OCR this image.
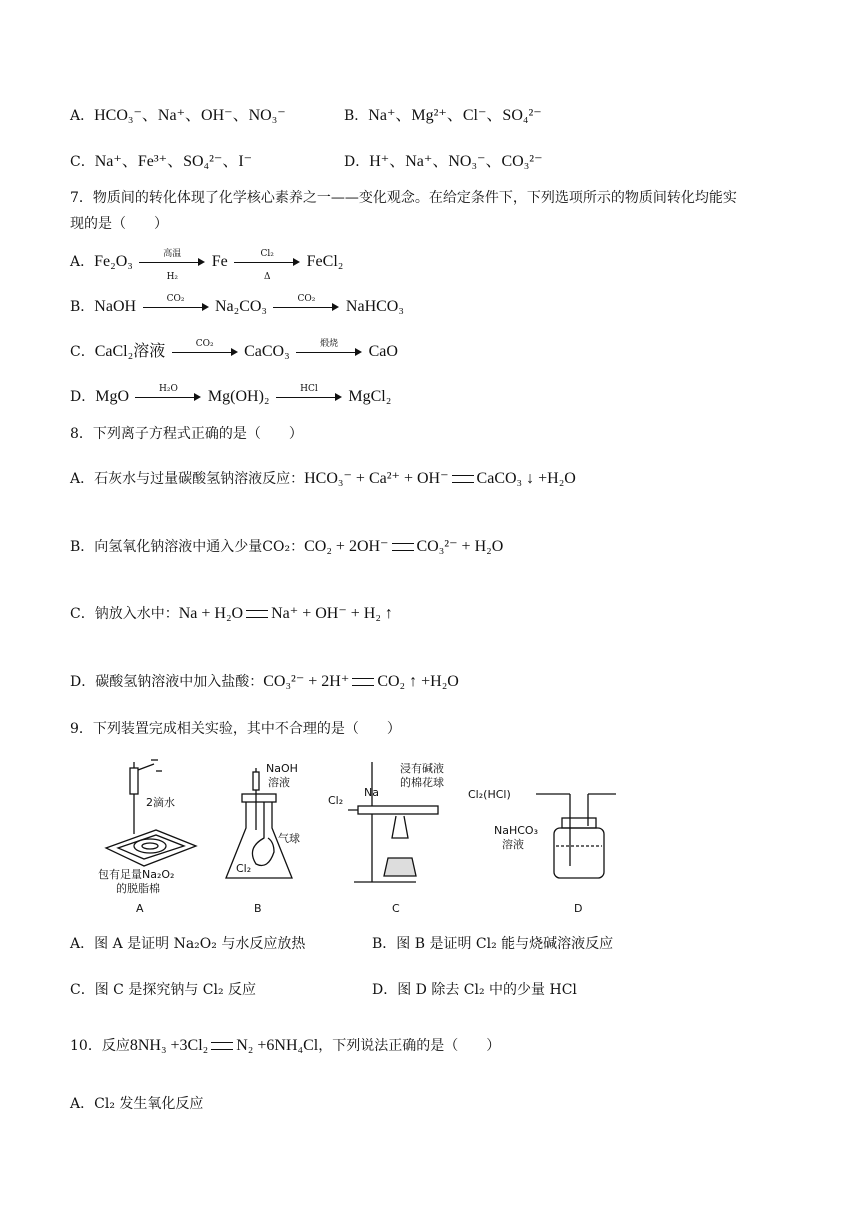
A．HCO₃⁻、Na⁺、OH⁻、NO₃⁻	B．Na⁺、Mg²⁺、Cl⁻、SO₄²⁻
C．Na⁺、Fe³⁺、SO₄²⁻、I⁻	D．H⁺、Na⁺、NO₃⁻、CO₃²⁻
7．物质间的转化体现了化学核心素养之一——变化观念。在给定条件下，下列选项所示的物质间转化均能实
现的是（　　）
A．Fe₂O₃	高温
H₂
Fe $\frac{\text{Cl₂}}{\Delta}$ FeCl₂
B．NaOH	CO₂	Na₂CO₃	CO₂	NaHCO₃
C．CaCl₂溶液	CO₂	CaCO₃	煅烧	CaO
D．MgO	H₂O	Mg(OH)₂	HCl	MgCl₂
8．下列离子方程式正确的是（　　）
A．石灰水与过量碳酸氢钠溶液反应：HCO₃⁻ + Ca²⁺ + OH⁻ CaCO₃ ↓ +H₂O
B．向氢氧化钠溶液中通入少量CO₂：CO₂ + 2OH⁻ CO₃²⁻ + H₂O
C．钠放入水中：Na + H₂O Na⁺ + OH⁻ + H₂ ↑
D．碳酸氢钠溶液中加入盐酸：CO₃²⁻ + 2H⁺ CO₂ ↑ +H₂O
9．下列装置完成相关实验，其中不合理的是（　　）
2滴水
包有足量Na₂O₂
的脱脂棉
A
NaOH
溶液
气球
Cl₂
B
Cl₂
Na
浸有碱液
的棉花球
C
Cl₂(HCl)
NaHCO₃
溶液
D
A．图 A 是证明 Na₂O₂ 与水反应放热	B．图 B 是证明 Cl₂ 能与烧碱溶液反应
C．图 C 是探究钠与 Cl₂ 反应	D．图 D 除去 Cl₂ 中的少量 HCl
10．反应8NH₃ +3Cl₂ N₂ +6NH₄Cl，下列说法正确的是（　　）
A．Cl₂ 发生氧化反应
